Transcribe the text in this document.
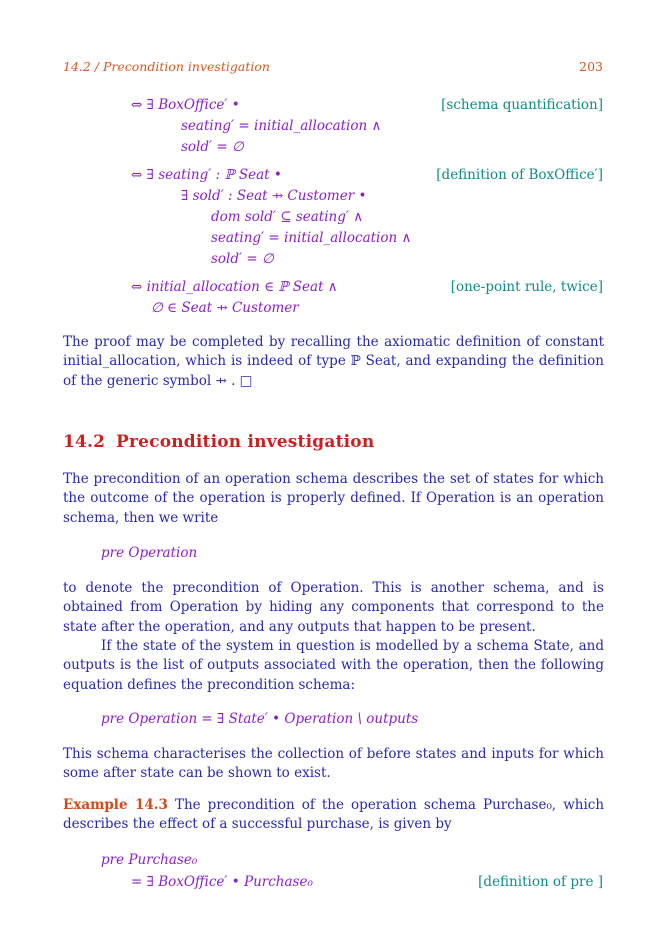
14.2 / Precondition investigation	203
⇔ ∃ BoxOffice′ •	[schema quantification]
seating′ = initial_allocation ∧
sold′ = ∅
⇔ ∃ seating′ : ℙ Seat •	[definition of BoxOffice′]
∃ sold′ : Seat ⇸ Customer •
dom sold′ ⊆ seating′ ∧
seating′ = initial_allocation ∧
sold′ = ∅
⇔ initial_allocation ∈ ℙ Seat ∧	[one-point rule, twice]
∅ ∈ Seat ⇸ Customer
The proof may be completed by recalling the axiomatic definition of constant initial_allocation, which is indeed of type ℙ Seat, and expanding the definition of the generic symbol ⇸ . □
14.2 Precondition investigation
The precondition of an operation schema describes the set of states for which the outcome of the operation is properly defined. If Operation is an operation schema, then we write
pre Operation
to denote the precondition of Operation. This is another schema, and is obtained from Operation by hiding any components that correspond to the state after the operation, and any outputs that happen to be present.
If the state of the system in question is modelled by a schema State, and outputs is the list of outputs associated with the operation, then the following equation defines the precondition schema:
pre Operation = ∃ State′ • Operation \ outputs
This schema characterises the collection of before states and inputs for which some after state can be shown to exist.
Example 14.3 The precondition of the operation schema Purchase₀, which describes the effect of a successful purchase, is given by
pre Purchase₀
= ∃ BoxOffice′ • Purchase₀	[definition of pre ]
